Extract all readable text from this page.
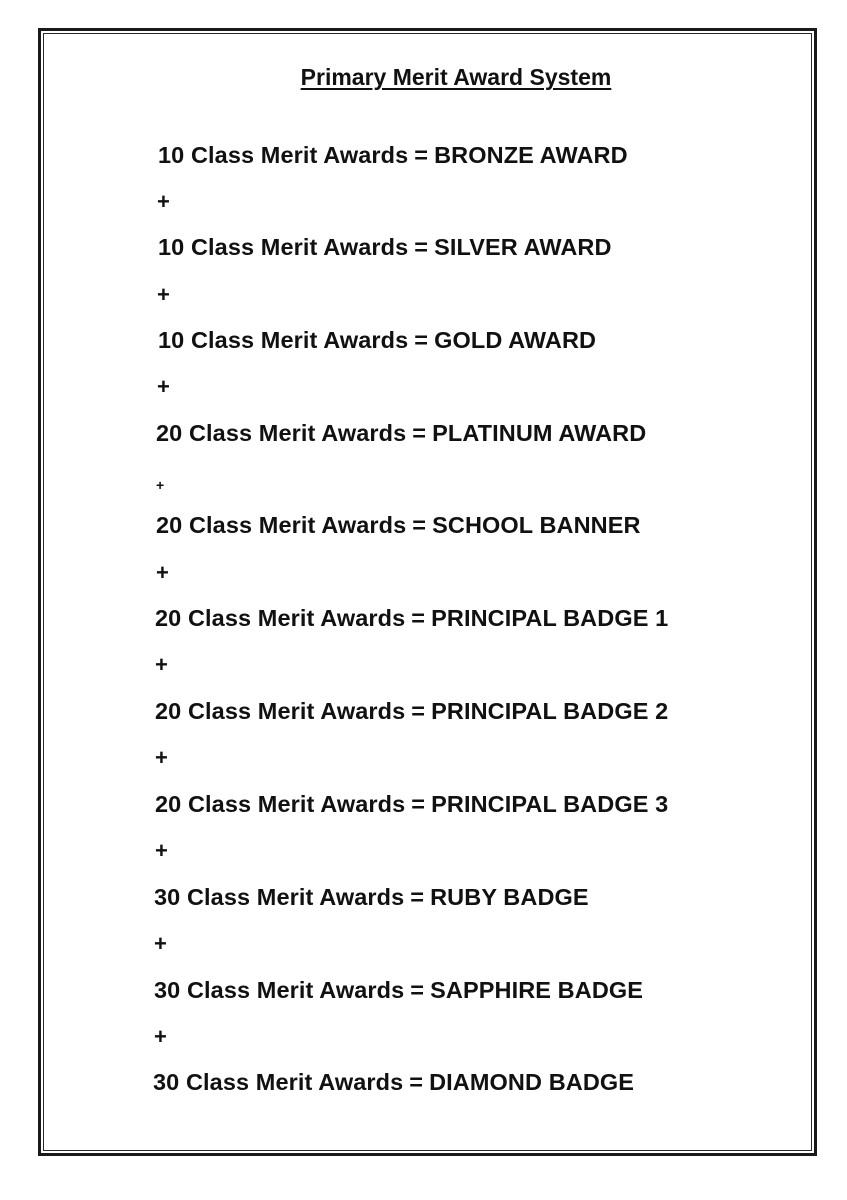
Primary Merit Award System
10 Class Merit Awards = BRONZE AWARD
+
10 Class Merit Awards = SILVER AWARD
+
10 Class Merit Awards = GOLD AWARD
+
20 Class Merit Awards = PLATINUM AWARD
+
20 Class Merit Awards = SCHOOL BANNER
+
20 Class Merit Awards = PRINCIPAL BADGE 1
+
20 Class Merit Awards = PRINCIPAL BADGE 2
+
20 Class Merit Awards = PRINCIPAL BADGE 3
+
30 Class Merit Awards = RUBY BADGE
+
30 Class Merit Awards = SAPPHIRE BADGE
+
30 Class Merit Awards = DIAMOND BADGE
